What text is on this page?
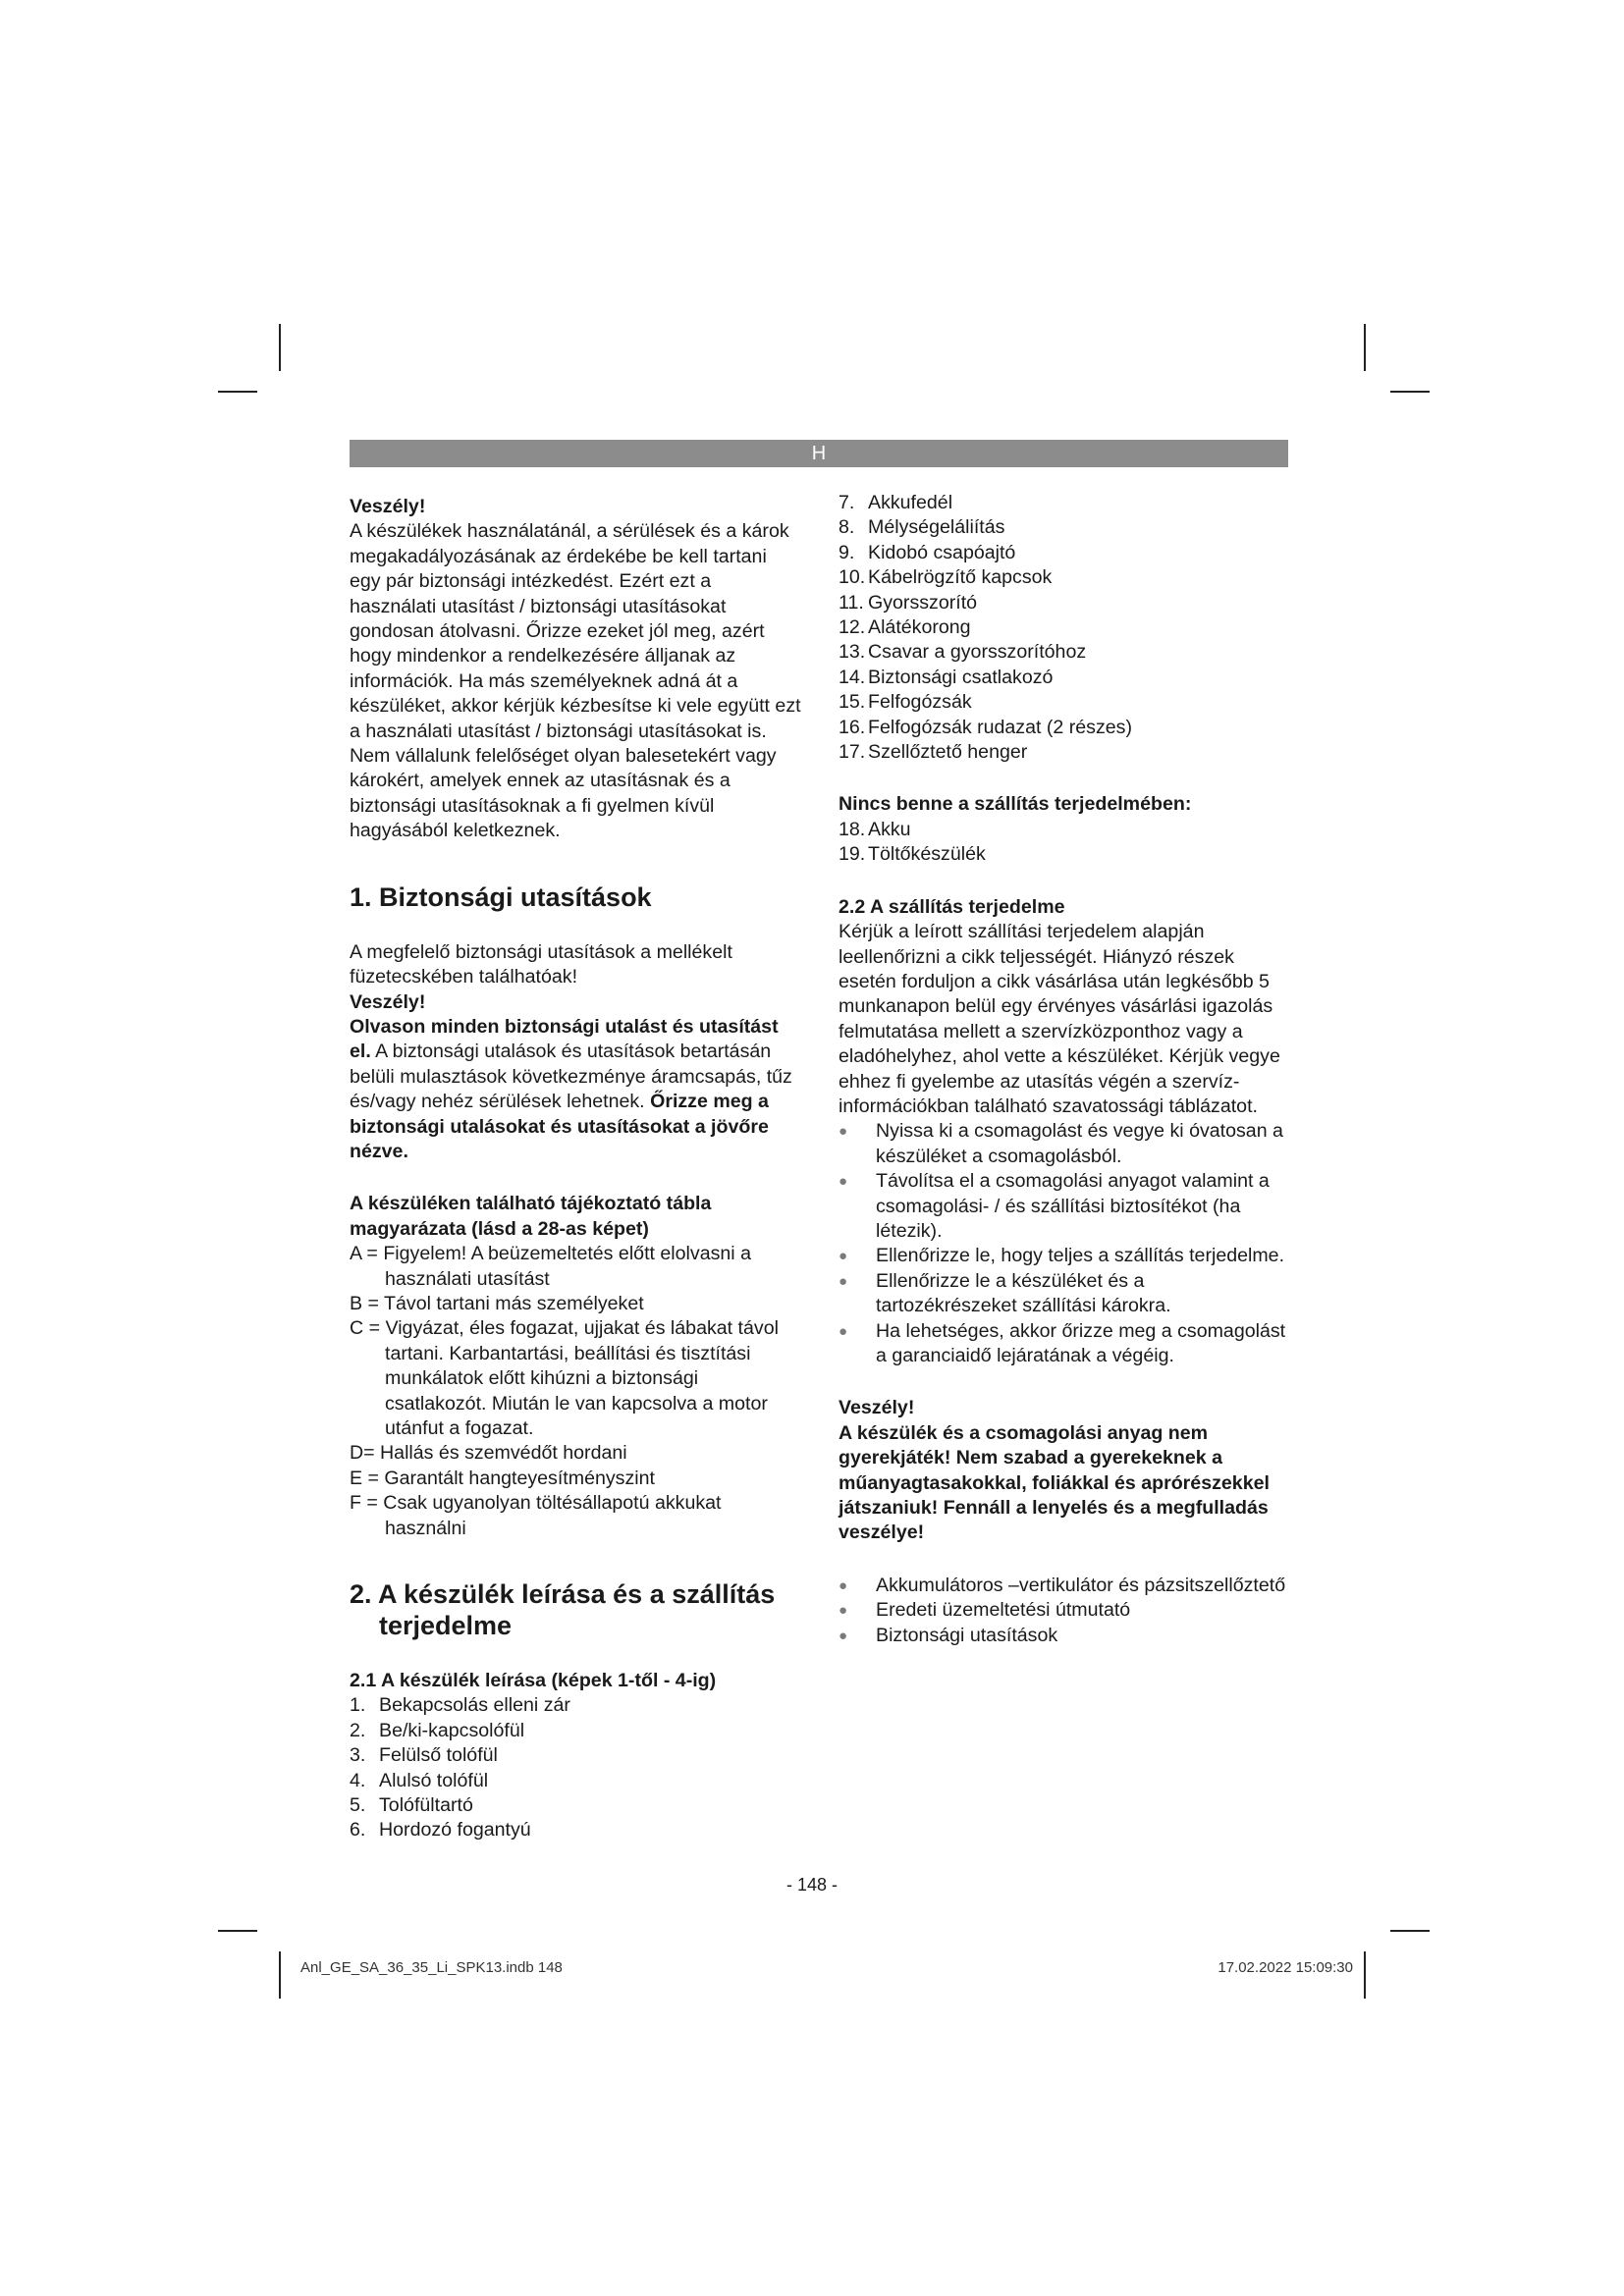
H
Veszély!

A készülékek használatánál, a sérülések és a károk megakadályozásának az érdekébe be kell tartani egy pár biztonsági intézkedést. Ezért ezt a használati utasítást / biztonsági utasításokat gondosan átolvasni. Őrizze ezeket jól meg, azért hogy mindenkor a rendelkezésére álljanak az információk. Ha más személyeknek adná át a készüléket, akkor kérjük kézbesítse ki vele együtt ezt a használati utasítást / biztonsági utasításokat is. Nem vállalunk felelőséget olyan balesetekért vagy károkért, amelyek ennek az utasításnak és a biztonsági utasításoknak a fi gyelmen kívül hagyásából keletkeznek.

1. Biztonsági utasítások

A megfelelő biztonsági utasítások a mellékelt füzetecskében találhatóak!

Veszély!

Olvason minden biztonsági utalást és utasítást el. A biztonsági utalások és utasítások betartásán belüli mulasztások következménye áramcsapás, tűz és/vagy nehéz sérülések lehetnek. Őrizze meg a biztonsági utalásokat és utasításokat a jövőre nézve.

A készüléken található tájékoztató tábla magyarázata (lásd a 28-as képet)
A = Figyelem! A beüzemeltetés előtt elolvasni a használati utasítást
B = Távol tartani más személyeket
C = Vigyázat, éles fogazat, ujjakat és lábakat távol tartani. Karbantartási, beállítási és tisztítási munkálatok előtt kihúzni a biztonsági csatlakozót. Miután le van kapcsolva a motor utánfut a fogazat.
D= Hallás és szemvédőt hordani
E = Garantált hangteyesítményszint
F = Csak ugyanolyan töltésállapotú akkukat használni
2. A készülék leírása és a szállítás terjedelme
2.1 A készülék leírása (képek 1-től - 4-ig)
1. Bekapcsolás elleni zár
2. Be/ki-kapcsolófül
3. Felülső tolófül
4. Alulsó tolófül
5. Tolófültartó
6. Hordozó fogantyú
7. Akkufedél
8. Mélységeláliítás
9. Kidobó csapóajtó
10. Kábelrögzítő kapcsok
11. Gyorsszorító
12. Alátékorong
13. Csavar a gyorsszorítóhoz
14. Biztonsági csatlakozó
15. Felfogózsák
16. Felfogózsák rudazat (2 részes)
17. Szellőztető henger
Nincs benne a szállítás terjedelmében:
18. Akku
19. Töltőkészülék
2.2 A szállítás terjedelme

Kérjük a leírott szállítási terjedelem alapján leellenőrizni a cikk teljességét. Hiányzó részek esetén forduljon a cikk vásárlása után legkésőbb 5 munkanapon belül egy érvényes vásárlási igazolás felmutatása mellett a szervízközponthoz vagy a eladóhelyhez, ahol vette a készüléket. Kérjük vegye ehhez fi gyelembe az utasítás végén a szervíz-információkban található szavatossági táblázatot.

●	Nyissa ki a csomagolást és vegye ki óvatosan a készüléket a csomagolásból.
●	Távolítsa el a csomagolási anyagot valamint a csomagolási- / és szállítási biztosítékot (ha létezik).
●	Ellenőrizze le, hogy teljes a szállítás terjedelme.
●	Ellenőrizze le a készüléket és a tartozékrészeket szállítási károkra.
●	Ha lehetséges, akkor őrizze meg a csomagolást a garanciaidő lejáratának a végéig.
Veszély!
A készülék és a csomagolási anyag nem gyerekjáték! Nem szabad a gyerekeknek a műanyagtasakokkal, foliákkal és aprórészekkel játszaniuk! Fennáll a lenyelés és a megfulladás veszélye!
●	Akkumulátoros –vertikulátor és pázsitszellőztető
●	Eredeti üzemeltetési útmutató
●	Biztonsági utasítások
- 148 -
Anl_GE_SA_36_35_Li_SPK13.indb 148	17.02.2022 15:09:30
